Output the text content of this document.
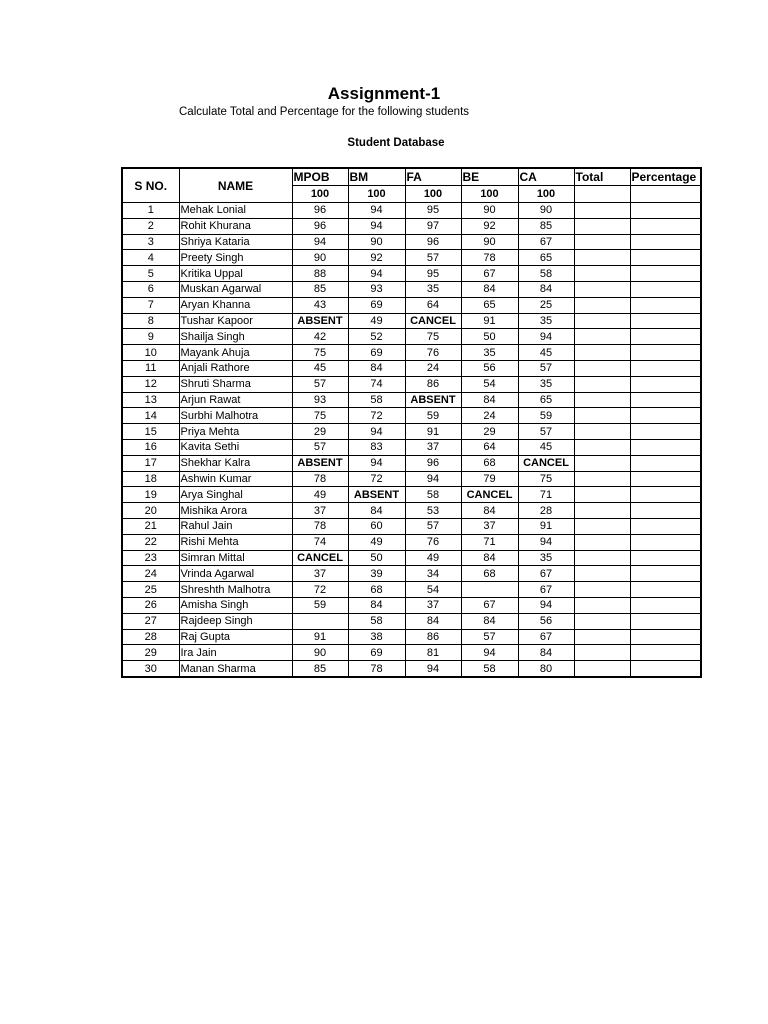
Assignment-1
Calculate Total and Percentage for the following students
Student Database
S NO.	NAME	MPOB	BM	FA	BE	CA	Total	Percentage
		100	100	100	100	100		
1	Mehak Lonial	96	94	95	90	90		
2	Rohit Khurana	96	94	97	92	85		
3	Shriya Kataria	94	90	96	90	67		
4	Preety Singh	90	92	57	78	65		
5	Kritika Uppal	88	94	95	67	58		
6	Muskan Agarwal	85	93	35	84	84		
7	Aryan Khanna	43	69	64	65	25		
8	Tushar Kapoor	ABSENT	49	CANCEL	91	35		
9	Shailja Singh	42	52	75	50	94		
10	Mayank Ahuja	75	69	76	35	45		
11	Anjali Rathore	45	84	24	56	57		
12	Shruti Sharma	57	74	86	54	35		
13	Arjun Rawat	93	58	ABSENT	84	65		
14	Surbhi Malhotra	75	72	59	24	59		
15	Priya Mehta	29	94	91	29	57		
16	Kavita Sethi	57	83	37	64	45		
17	Shekhar Kalra	ABSENT	94	96	68	CANCEL		
18	Ashwin Kumar	78	72	94	79	75		
19	Arya Singhal	49	ABSENT	58	CANCEL	71		
20	Mishika Arora	37	84	53	84	28		
21	Rahul Jain	78	60	57	37	91		
22	Rishi Mehta	74	49	76	71	94		
23	Simran Mittal	CANCEL	50	49	84	35		
24	Vrinda Agarwal	37	39	34	68	67		
25	Shreshth Malhotra	72	68	54		67		
26	Amisha Singh	59	84	37	67	94		
27	Rajdeep Singh		58	84	84	56		
28	Raj Gupta	91	38	86	57	67		
29	Ira Jain	90	69	81	94	84		
30	Manan Sharma	85	78	94	58	80		
